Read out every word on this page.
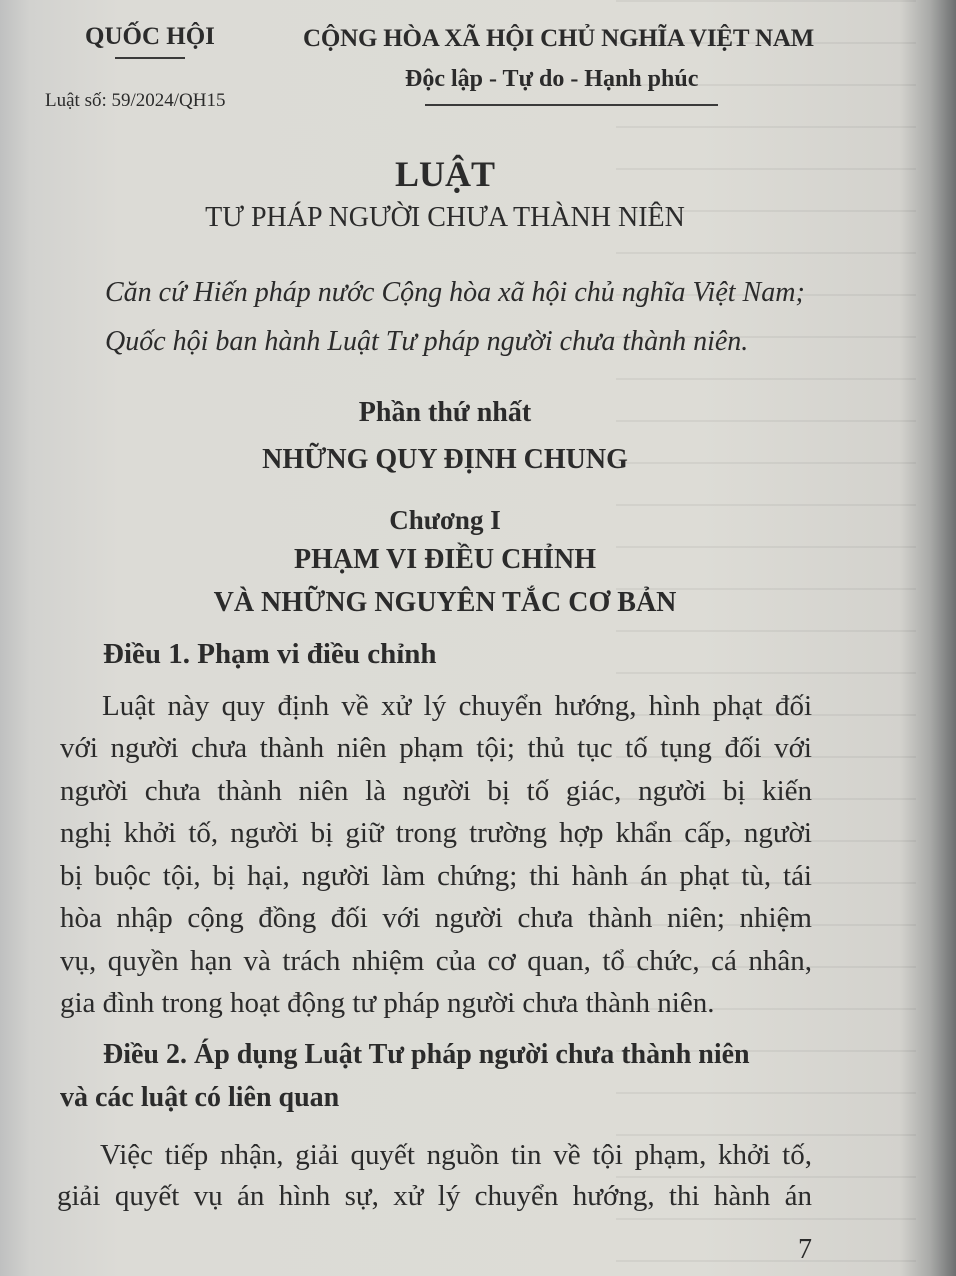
QUỐC HỘI	CỘNG HÒA XÃ HỘI CHỦ NGHĨA VIỆT NAM
Độc lập - Tự do - Hạnh phúc
Luật số: 59/2024/QH15
LUẬT
TƯ PHÁP NGƯỜI CHƯA THÀNH NIÊN
Căn cứ Hiến pháp nước Cộng hòa xã hội chủ nghĩa Việt Nam;
Quốc hội ban hành Luật Tư pháp người chưa thành niên.
Phần thứ nhất
NHỮNG QUY ĐỊNH CHUNG
Chương I
PHẠM VI ĐIỀU CHỈNH
VÀ NHỮNG NGUYÊN TẮC CƠ BẢN
Điều 1. Phạm vi điều chỉnh
Luật này quy định về xử lý chuyển hướng, hình phạt đối
với người chưa thành niên phạm tội; thủ tục tố tụng đối với
người chưa thành niên là người bị tố giác, người bị kiến
nghị khởi tố, người bị giữ trong trường hợp khẩn cấp, người
bị buộc tội, bị hại, người làm chứng; thi hành án phạt tù, tái
hòa nhập cộng đồng đối với người chưa thành niên; nhiệm
vụ, quyền hạn và trách nhiệm của cơ quan, tổ chức, cá nhân,
gia đình trong hoạt động tư pháp người chưa thành niên.
Điều 2. Áp dụng Luật Tư pháp người chưa thành niên
và các luật có liên quan
Việc tiếp nhận, giải quyết nguồn tin về tội phạm, khởi tố,
giải quyết vụ án hình sự, xử lý chuyển hướng, thi hành án
7
